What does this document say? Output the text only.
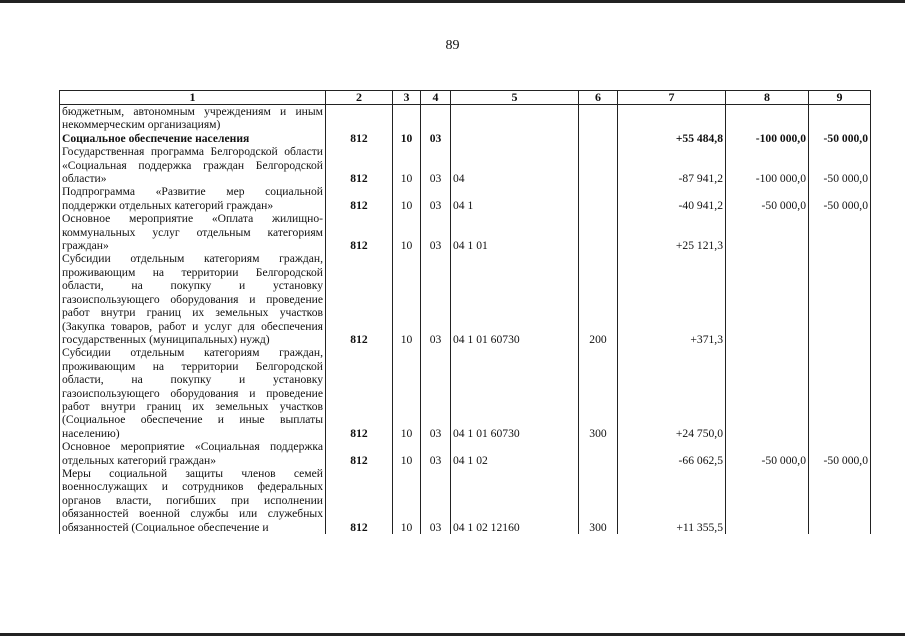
89
1	2	3	4	5	6	7	8	9
бюджетным, автономным учреждениям и иным некоммерческим организациям)								
Социальное обеспечение населения	812	10	03			+55 484,8	-100 000,0	-50 000,0
Государственная программа Белгородской области «Социальная поддержка граждан Белгородской области»	812	10	03	04		-87 941,2	-100 000,0	-50 000,0
Подпрограмма «Развитие мер социальной поддержки отдельных категорий граждан»	812	10	03	04 1		-40 941,2	-50 000,0	-50 000,0
Основное мероприятие «Оплата жилищно-коммунальных услуг отдельным категориям граждан»	812	10	03	04 1 01		+25 121,3		
Субсидии отдельным категориям граждан, проживающим на территории Белгородской области, на покупку и установку газоиспользующего оборудования и проведение работ внутри границ их земельных участков (Закупка товаров, работ и услуг для обеспечения государственных (муниципальных) нужд)	812	10	03	04 1 01 60730	200	+371,3		
Субсидии отдельным категориям граждан, проживающим на территории Белгородской области, на покупку и установку газоиспользующего оборудования и проведение работ внутри границ их земельных участков (Социальное обеспечение и иные выплаты населению)	812	10	03	04 1 01 60730	300	+24 750,0		
Основное мероприятие «Социальная поддержка отдельных категорий граждан»	812	10	03	04 1 02		-66 062,5	-50 000,0	-50 000,0
Меры социальной защиты членов семей военнослужащих и сотрудников федеральных органов власти, погибших при исполнении обязанностей военной службы или служебных обязанностей (Социальное обеспечение и	812	10	03	04 1 02 12160	300	+11 355,5		
